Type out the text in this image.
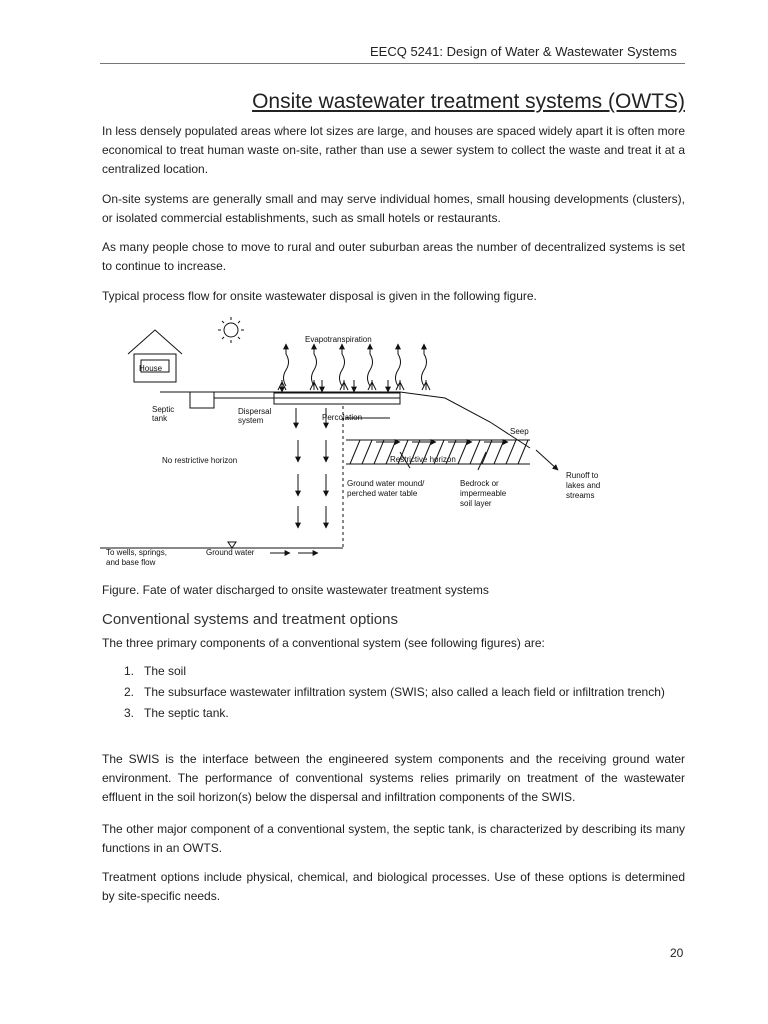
EECQ 5241: Design of Water & Wastewater Systems
Onsite wastewater treatment systems (OWTS)

In less densely populated areas where lot sizes are large, and houses are spaced widely apart it is often more economical to treat human waste on-site, rather than use a sewer system to collect the waste and treat it at a centralized location.

On-site systems are generally small and may serve individual homes, small housing developments (clusters), or isolated commercial establishments, such as small hotels or restaurants.

As many people chose to move to rural and outer suburban areas the number of decentralized systems is set to continue to increase.

Typical process flow for onsite wastewater disposal is given in the following figure.

House
Evapotranspiration
Septic
tank
Dispersal
system	Percolation
Seep
No restrictive horizon	Restrictive horizon
Runoff to
lakes and
streams
Ground water mound/
perched water table
Bedrock or
impermeable
soil layer
To wells, springs,
and base flow
Ground water
Figure. Fate of water discharged to onsite wastewater treatment systems
Conventional systems and treatment options

The three primary components of a conventional system (see following figures) are:

1. The soil
2. The subsurface wastewater infiltration system (SWIS; also called a leach field or infiltration trench)
3. The septic tank.

The SWIS is the interface between the engineered system components and the receiving ground water environment. The performance of conventional systems relies primarily on treatment of the wastewater effluent in the soil horizon(s) below the dispersal and infiltration components of the SWIS.

The other major component of a conventional system, the septic tank, is characterized by describing its many functions in an OWTS.

Treatment options include physical, chemical, and biological processes. Use of these options is determined by site-specific needs.

20
